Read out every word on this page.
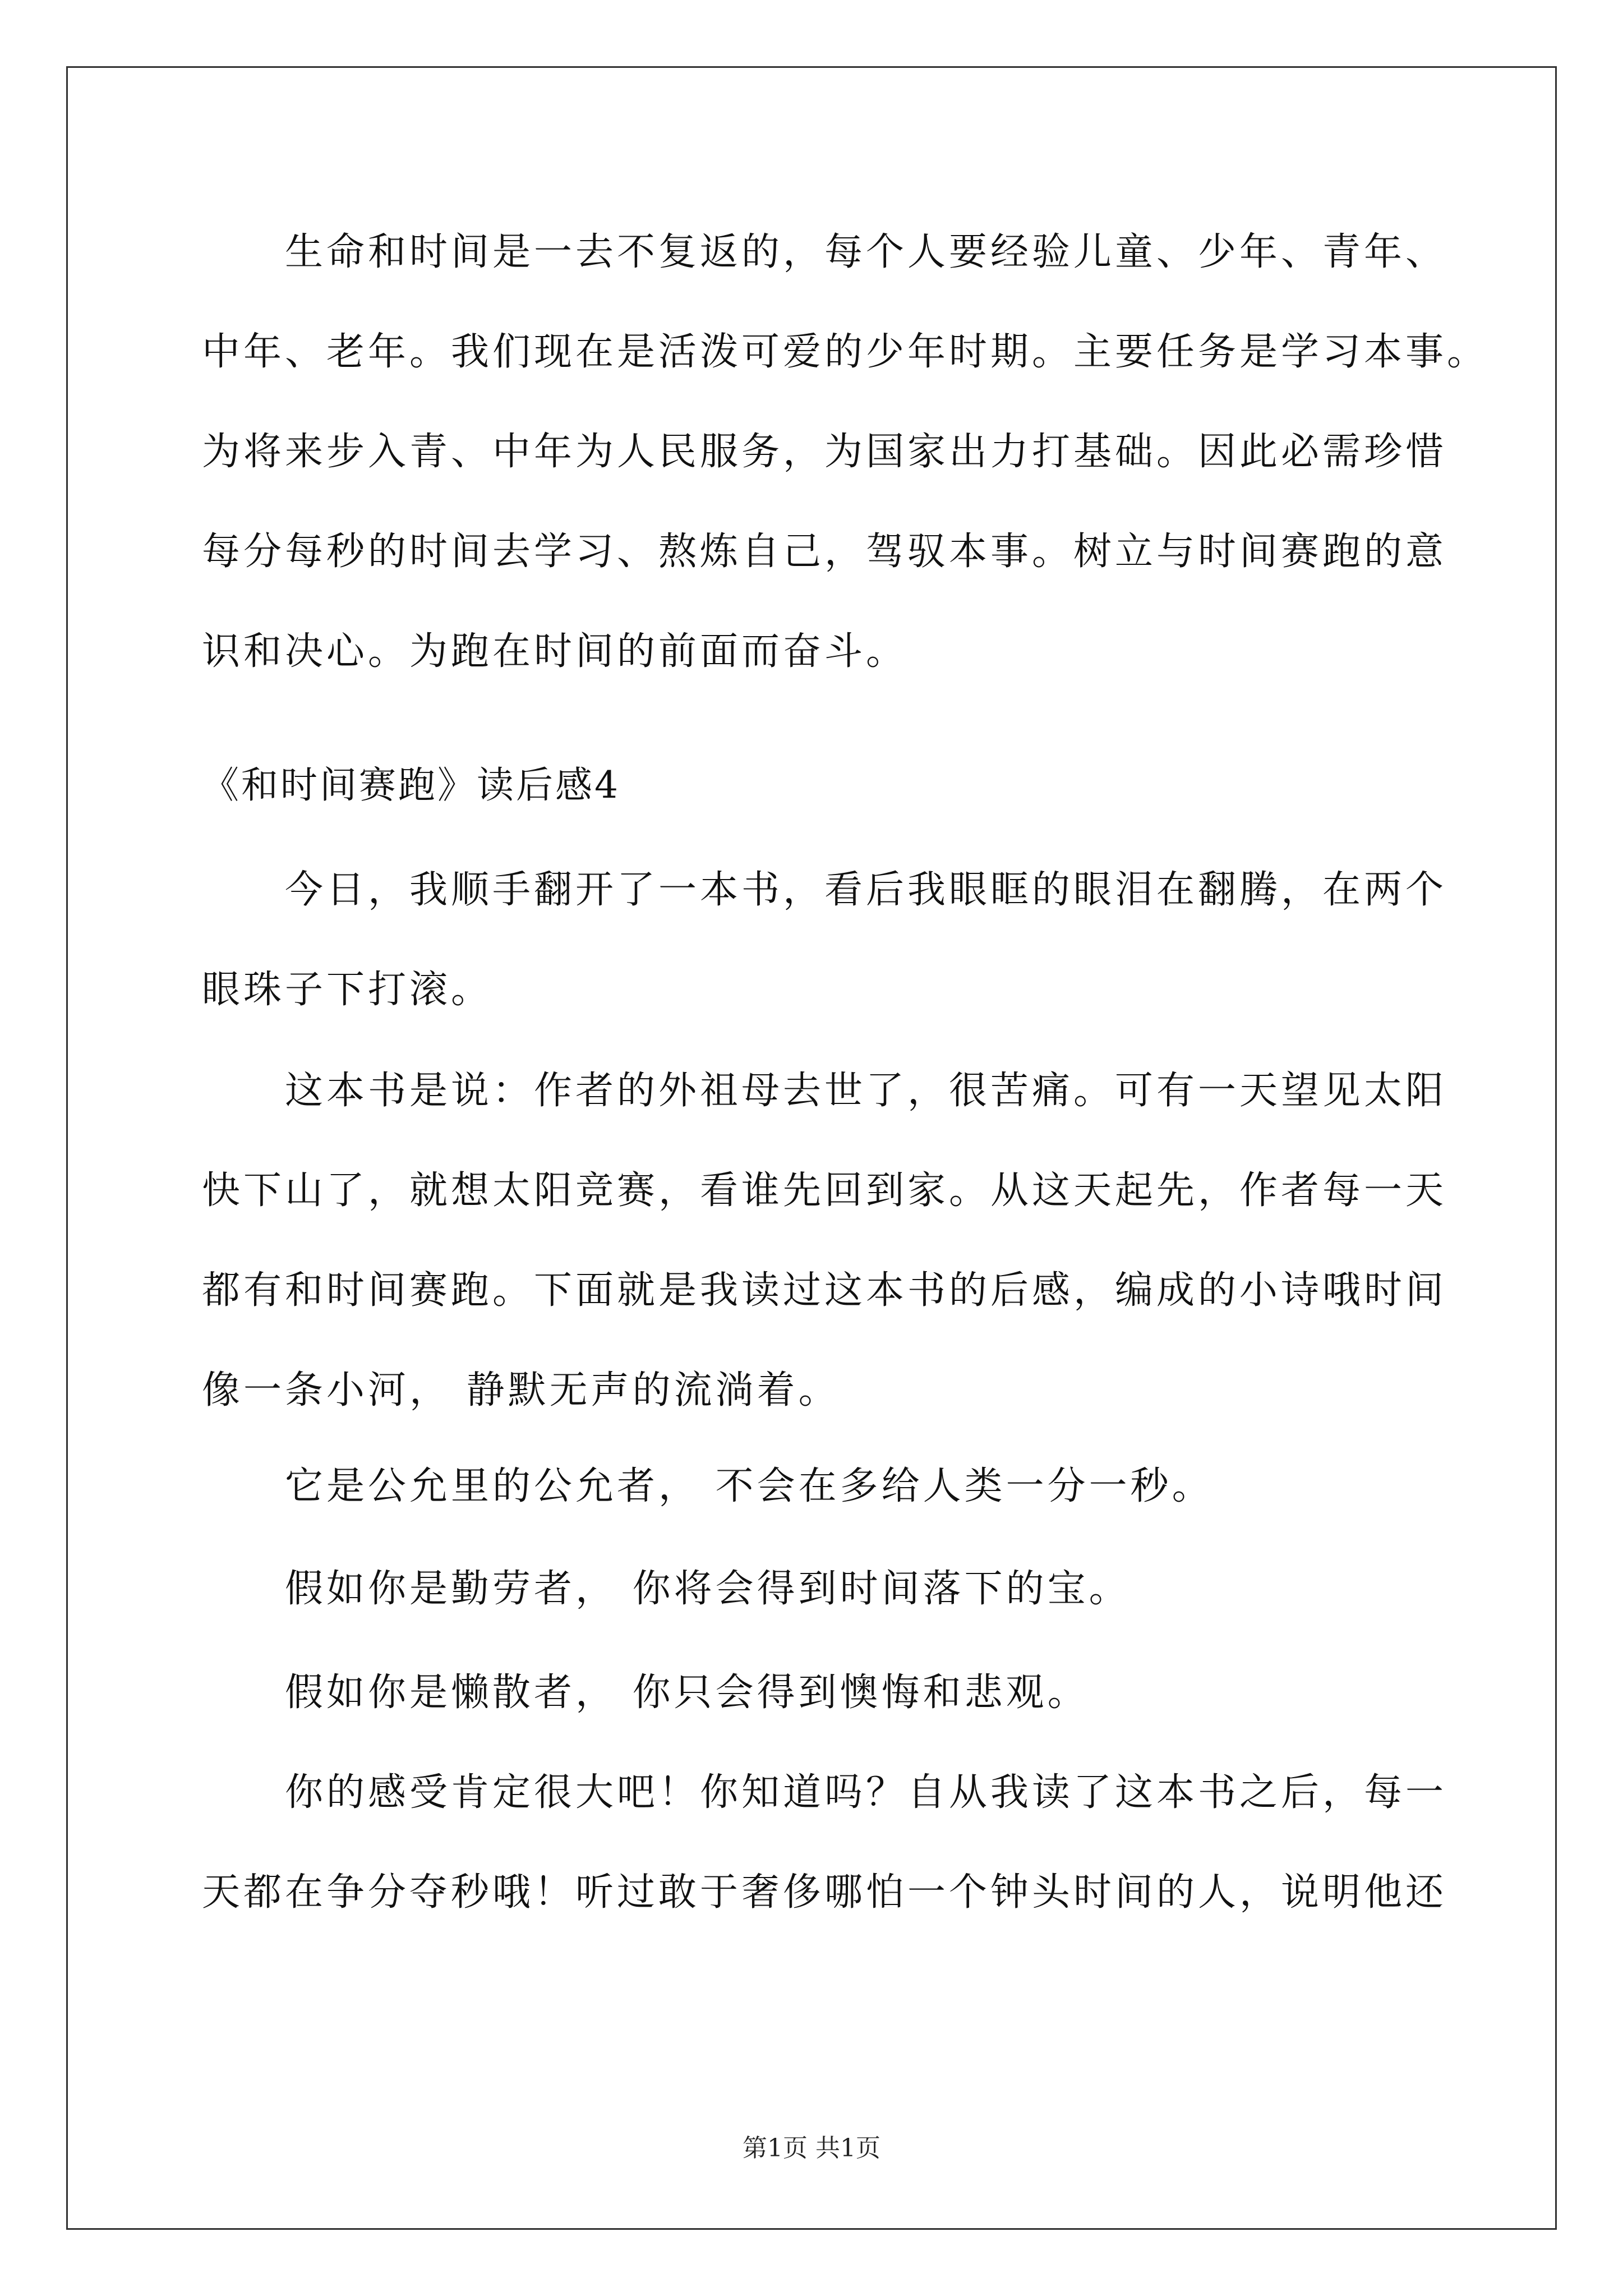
生命和时间是一去不复返的，每个人要经验儿童、少年、青年、
中年、老年。我们现在是活泼可爱的少年时期。主要任务是学习本事。
为将来步入青、中年为人民服务，为国家出力打基础。因此必需珍惜
每分每秒的时间去学习、熬炼自己，驾驭本事。树立与时间赛跑的意
识和决心。为跑在时间的前面而奋斗。
《和时间赛跑》读后感4
今日，我顺手翻开了一本书，看后我眼眶的眼泪在翻腾，在两个
眼珠子下打滚。
这本书是说：作者的外祖母去世了，很苦痛。可有一天望见太阳
快下山了，就想太阳竞赛，看谁先回到家。从这天起先，作者每一天
都有和时间赛跑。下面就是我读过这本书的后感，编成的小诗哦时间
像一条小河， 静默无声的流淌着。
它是公允里的公允者， 不会在多给人类一分一秒。
假如你是勤劳者， 你将会得到时间落下的宝。
假如你是懒散者， 你只会得到懊悔和悲观。
你的感受肯定很大吧！你知道吗？自从我读了这本书之后，每一
天都在争分夺秒哦！听过敢于奢侈哪怕一个钟头时间的人，说明他还
第1页 共1页
